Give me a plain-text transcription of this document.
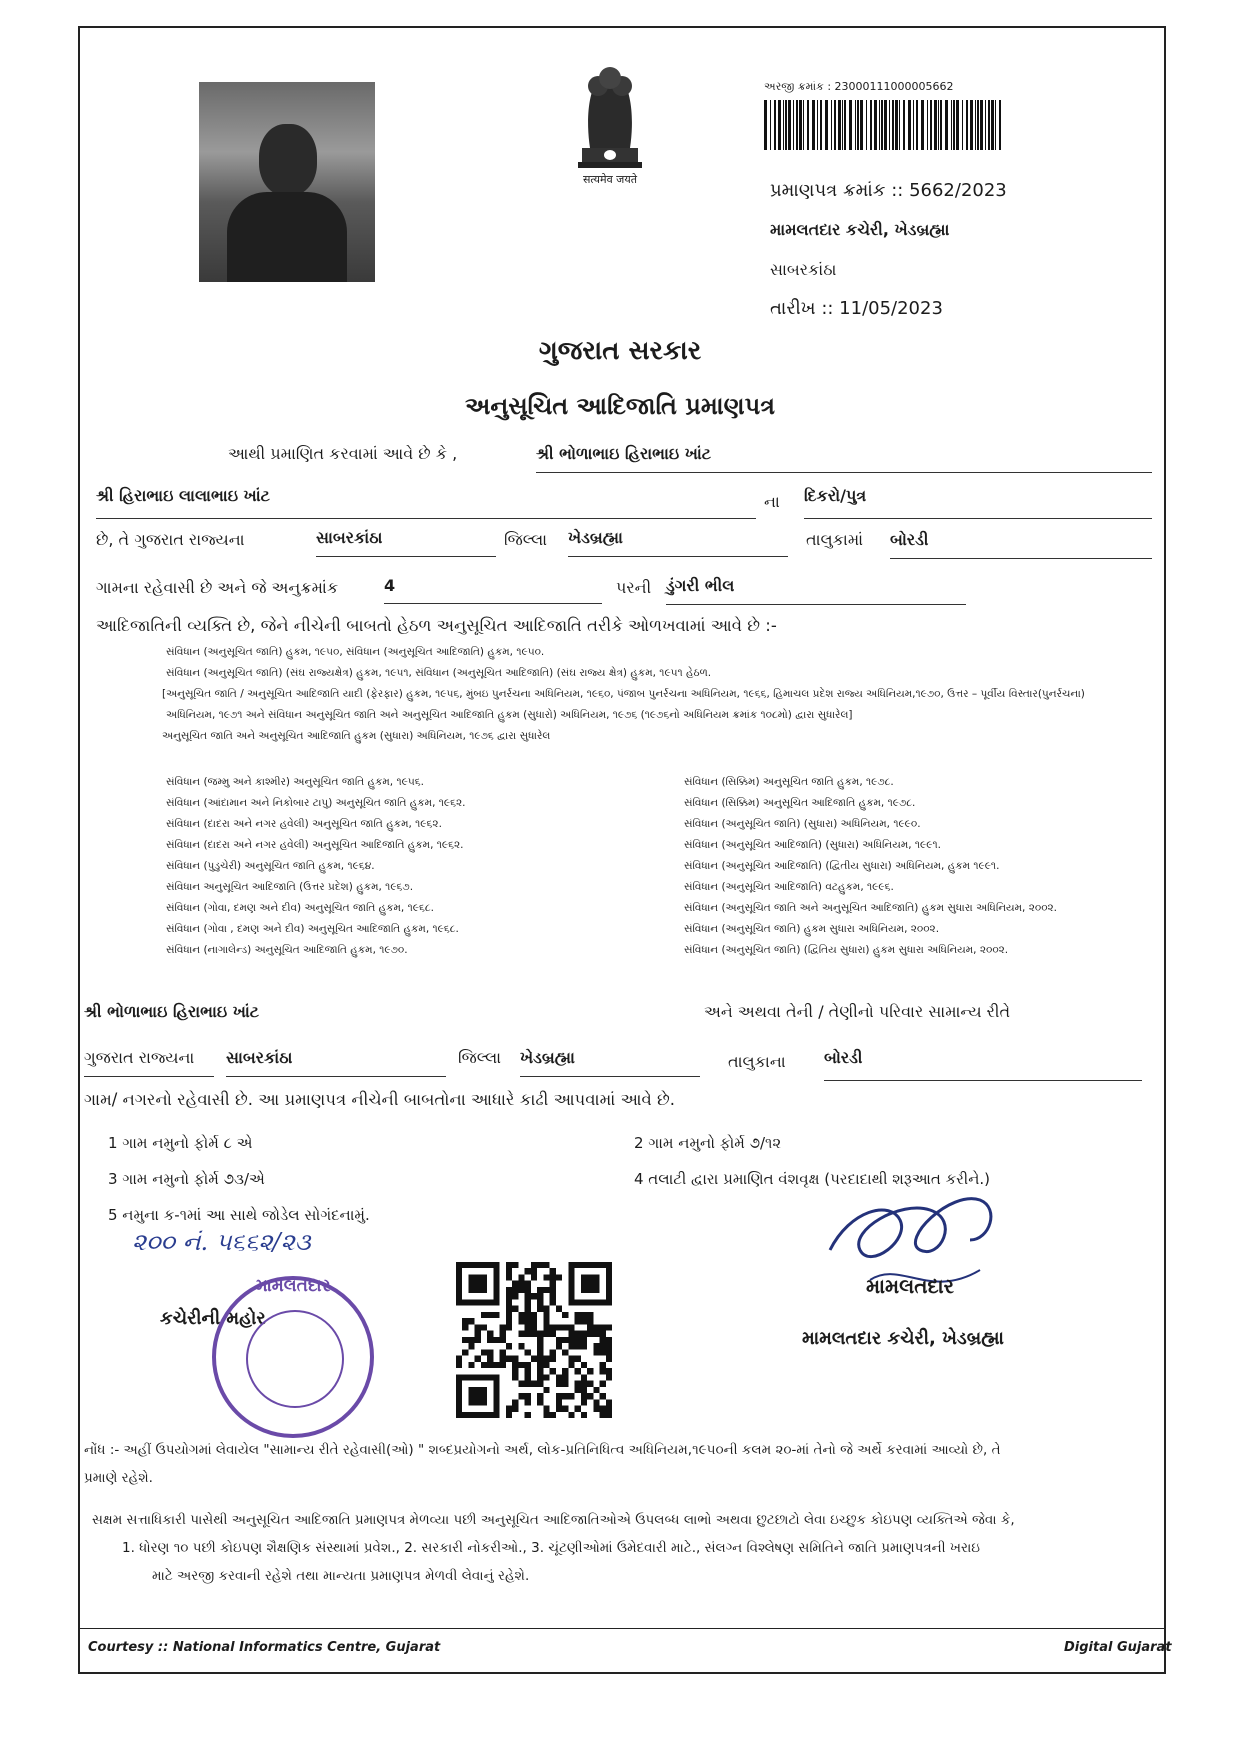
सत्यमेव जयते
અરજી ક્રમાંક : 23000111000005662
પ્રમાણપત્ર ક્રમાંક :: 5662/2023
મામલતદાર કચેરી, ખેડબ્રહ્મા
સાબરકાંઠા
તારીખ :: 11/05/2023
ગુજરાત સરકાર
અનુસૂચિત આદિજાતિ પ્રમાણપત્ર
આથી પ્રમાણિત કરવામાં આવે છે કે ,	શ્રી ભોળાભાઇ હિરાભાઇ ખાંટ
શ્રી હિરાભાઇ લાલાભાઇ ખાંટ	ના દિકરો/પુત્ર
છે, તે ગુજરાત રાજ્યના	સાબરકાંઠા	જિલ્લા ખેડબ્રહ્મા	તાલુકામાં બોરડી
ગામના રહેવાસી છે અને જે અનુક્રમાંક	4	પરની ડુંગરી ભીલ
આદિજાતિની વ્યક્તિ છે, જેને નીચેની બાબતો હેઠળ અનુસૂચિત આદિજાતિ તરીકે ઓળખવામાં આવે છે :-
સંવિધાન (અનુસૂચિત જાતિ) હુકમ, ૧૯૫૦, સંવિધાન (અનુસૂચિત આદિજાતિ) હુકમ, ૧૯૫૦.
સંવિધાન (અનુસૂચિત જાતિ) (સંઘ રાજ્યક્ષેત્ર) હુકમ, ૧૯૫૧, સંવિધાન (અનુસૂચિત આદિજાતિ) (સંઘ રાજ્ય ક્ષેત્ર) હુકમ, ૧૯૫૧ હેઠળ.
[અનુસૂચિત જાતિ / અનુસૂચિત આદિજાતિ યાદી (ફેરફાર) હુકમ, ૧૯૫૬, મુંબઇ પુનર્રચના અધિનિયમ, ૧૯૬૦, પંજાબ પુનર્રચના અધિનિયમ, ૧૯૬૬, હિમાચલ પ્રદેશ રાજ્ય અધિનિયમ,૧૯૭૦, ઉત્તર – પૂર્વીય વિસ્તાર(પુનર્રચના)
અધિનિયમ, ૧૯૭૧ અને સંવિધાન અનુસૂચિત જાતિ અને અનુસૂચિત આદિજાતિ હુકમ (સુધારો) અધિનિયમ, ૧૯૭૬ (૧૯૭૬નો અધિનિયમ ક્રમાંક ૧૦૮મો) દ્વારા સુધારેલ]
અનુસૂચિત જાતિ અને અનુસૂચિત આદિજાતિ હુકમ (સુધારા) અધિનિયમ, ૧૯૭૬ દ્વારા સુધારેલ
સંવિધાન (જમ્મુ અને કાશ્મીર) અનુસૂચિત જાતિ હુકમ, ૧૯૫૬.
સંવિધાન (આંદામાન અને નિકોબાર ટાપુ) અનુસૂચિત જાતિ હુકમ, ૧૯૬૨.
સંવિધાન (દાદરા અને નગર હવેલી) અનુસૂચિત જાતિ હુકમ, ૧૯૬૨.
સંવિધાન (દાદરા અને નગર હવેલી) અનુસૂચિત આદિજાતિ હુકમ, ૧૯૬૨.
સંવિધાન (પુડુચેરી) અનુસૂચિત જાતિ હુકમ, ૧૯૬૪.
સંવિધાન અનુસૂચિત આદિજાતિ (ઉત્તર પ્રદેશ) હુકમ, ૧૯૬૭.
સંવિધાન (ગોવા, દમણ અને દીવ) અનુસૂચિત જાતિ હુકમ, ૧૯૬૮.
સંવિધાન (ગોવા , દમણ અને દીવ) અનુસૂચિત આદિજાતિ હુકમ, ૧૯૬૮.
સંવિધાન (નાગાલેન્ડ) અનુસૂચિત આદિજાતિ હુકમ, ૧૯૭૦.
સંવિધાન (સિક્કિમ) અનુસૂચિત જાતિ હુકમ, ૧૯૭૮.
સંવિધાન (સિક્કિમ) અનુસૂચિત આદિજાતિ હુકમ, ૧૯૭૮.
સંવિધાન (અનુસૂચિત જાતિ) (સુધારા) અધિનિયમ, ૧૯૯૦.
સંવિધાન (અનુસૂચિત આદિજાતિ) (સુધારા) અધિનિયમ, ૧૯૯૧.
સંવિધાન (અનુસૂચિત આદિજાતિ) (દ્વિતીય સુધારા) અધિનિયમ, હુકમ ૧૯૯૧.
સંવિધાન (અનુસૂચિત આદિજાતિ) વટહુકમ, ૧૯૯૬.
સંવિધાન (અનુસૂચિત જાતિ અને અનુસૂચિત આદિજાતિ) હુકમ સુધારા અધિનિયમ, ૨૦૦૨.
સંવિધાન (અનુસૂચિત જાતિ) હુકમ સુધારા અધિનિયમ, ૨૦૦૨.
સંવિધાન (અનુસૂચિત જાતિ) (દ્વિતિય સુધારા) હુકમ સુધારા અધિનિયમ, ૨૦૦૨.
શ્રી ભોળાભાઇ હિરાભાઇ ખાંટ	અને અથવા તેની / તેણીનો પરિવાર સામાન્ય રીતે
ગુજરાત રાજ્યના	સાબરકાંઠા	જિલ્લા ખેડબ્રહ્મા	તાલુકાના બોરડી
ગામ/ નગરનો રહેવાસી છે. આ પ્રમાણપત્ર નીચેની બાબતોના આધારે કાઢી આપવામાં આવે છે.
1 ગામ નમુનો ફોર્મ ૮ એ	2 ગામ નમુનો ફોર્મ ૭/૧૨
3 ગામ નમુનો ફોર્મ ૭૩/એ	4 તલાટી દ્વારા પ્રમાણિત વંશવૃક્ષ (પરદાદાથી શરૂઆત કરીને.)
5 નમુના ક-૧માં આ સાથે જોડેલ સોગંદનામું.
૨૦૦ નં. ૫૬૬૨/૨૩
કચેરીની મહોર
મામલતદાર	મામલતદાર
મામલતદાર કચેરી, ખેડબ્રહ્મા
નોંધ :- અહીં ઉપયોગમાં લેવાયેલ "સામાન્ય રીતે રહેવાસી(ઓ) " શબ્દપ્રયોગનો અર્થ, લોક-પ્રતિનિધિત્વ અધિનિયમ,૧૯૫૦ની કલમ ૨૦-માં તેનો જે અર્થે કરવામાં આવ્યો છે, તે
પ્રમાણે રહેશે.
સક્ષમ સત્તાધિકારી પાસેથી અનુસૂચિત આદિજાતિ પ્રમાણપત્ર મેળવ્યા પછી અનુસૂચિત આદિજાતિઓએ ઉપલબ્ધ લાભો અથવા છુટછાટો લેવા ઇચ્છુક કોઇપણ વ્યક્તિએ જેવા કે,
1. ધોરણ ૧૦ પછી કોઇપણ શૈક્ષણિક સંસ્થામાં પ્રવેશ., 2. સરકારી નોકરીઓ., 3. ચૂંટણીઓમાં ઉમેદવારી માટે., સંલગ્ન વિશ્લેષણ સમિતિને જાતિ પ્રમાણપત્રની ખરાઇ
માટે અરજી કરવાની રહેશે તથા માન્યતા પ્રમાણપત્ર મેળવી લેવાનું રહેશે.
Courtesy :: National Informatics Centre, Gujarat	Digital Gujarat
